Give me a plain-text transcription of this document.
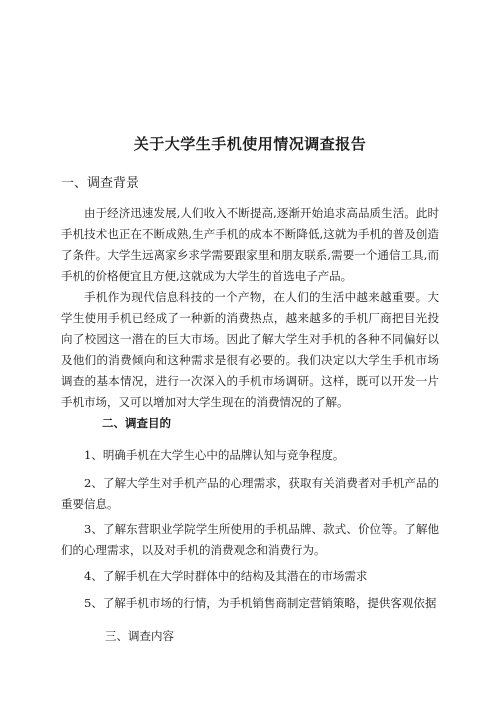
关于大学生手机使用情况调查报告
一、调查背景

由于经济迅速发展,人们收入不断提高,逐渐开始追求高品质生活。此时手机技术也正在不断成熟,生产手机的成本不断降低,这就为手机的普及创造了条件。大学生远离家乡求学需要跟家里和朋友联系,需要一个通信工具,而手机的价格便宜且方便,这就成为大学生的首选电子产品。

手机作为现代信息科技的一个产物，在人们的生活中越来越重要。大学生使用手机已经成了一种新的消费热点，越来越多的手机厂商把目光投向了校园这一潜在的巨大市场。因此了解大学生对手机的各种不同偏好以及他们的消费倾向和这种需求是很有必要的。我们决定以大学生手机市场调查的基本情况，进行一次深入的手机市场调研。这样，既可以开发一片手机市场，又可以增加对大学生现在的消费情况的了解。

二、调查目的

1、明确手机在大学生心中的品牌认知与竞争程度。

2、了解大学生对手机产品的心理需求，获取有关消费者对手机产品的重要信息。

3、了解东营职业学院学生所使用的手机品牌、款式、价位等。了解他们的心理需求，以及对手机的消费观念和消费行为。

4、了解手机在大学时群体中的结构及其潜在的市场需求

5、了解手机市场的行情，为手机销售商制定营销策略，提供客观依据

三、调查内容
